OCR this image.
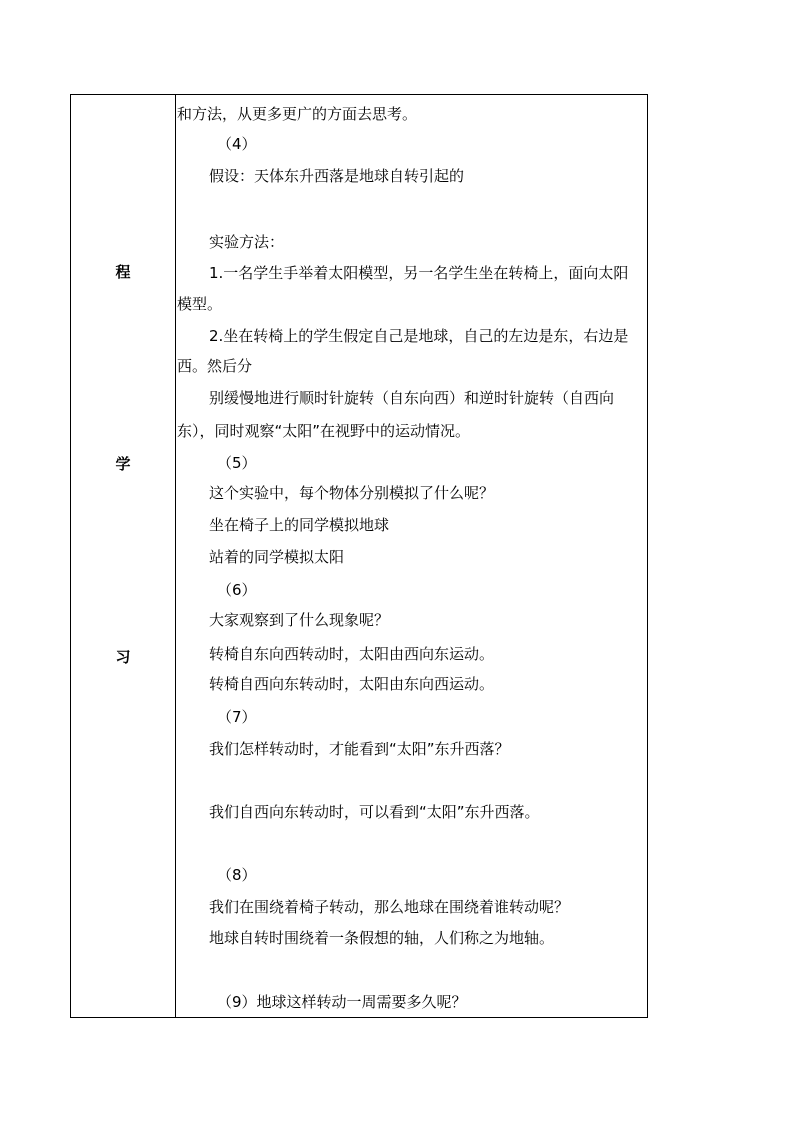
程
学
习
和方法，从更多更广的方面去思考。
（4）
假设：天体东升西落是地球自转引起的
实验方法：
1.一名学生手举着太阳模型，另一名学生坐在转椅上，面向太阳
模型。
2.坐在转椅上的学生假定自己是地球，自己的左边是东，右边是
西。然后分
别缓慢地进行顺时针旋转（自东向西）和逆时针旋转（自西向
东），同时观察“太阳”在视野中的运动情况。
（5）
这个实验中，每个物体分别模拟了什么呢？
坐在椅子上的同学模拟地球
站着的同学模拟太阳
（6）
大家观察到了什么现象呢？
转椅自东向西转动时，太阳由西向东运动。
转椅自西向东转动时，太阳由东向西运动。
（7）
我们怎样转动时，才能看到“太阳”东升西落？
我们自西向东转动时，可以看到“太阳”东升西落。
（8）
我们在围绕着椅子转动，那么地球在围绕着谁转动呢？
地球自转时围绕着一条假想的轴，人们称之为地轴。
（9）地球这样转动一周需要多久呢？
